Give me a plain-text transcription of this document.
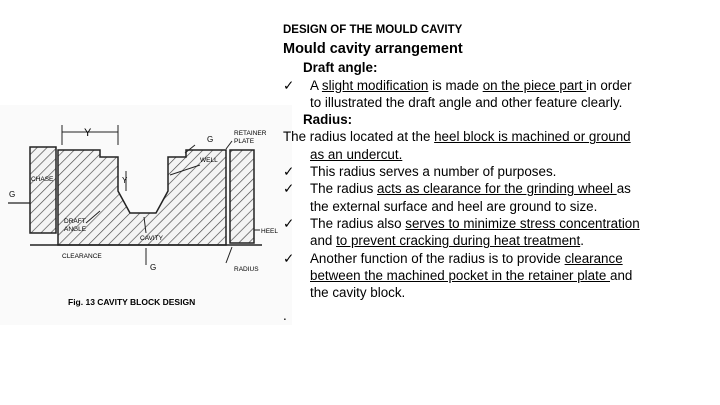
Y
G
RETAINER
PLATE
WELL
Y
CHASE
G
DRAFT
ANGLE
CAVITY
HEEL
CLEARANCE
G	RADIUS
Fig. 13 CAVITY BLOCK DESIGN
DESIGN OF THE MOULD CAVITY
Mould cavity arrangement
Draft angle:
✓ A slight modification is made on the piece part in order
to illustrated the draft angle and other feature clearly.
Radius:
The radius located at the heel block is machined or ground
as an undercut.
✓ This radius serves a number of purposes.
✓ The radius acts as clearance for the grinding wheel as
the external surface and heel are ground to size.
✓ The radius also serves to minimize stress concentration
and to prevent cracking during heat treatment.
✓ Another function of the radius is to provide clearance
between the machined pocket in the retainer plate and
the cavity block.
.
